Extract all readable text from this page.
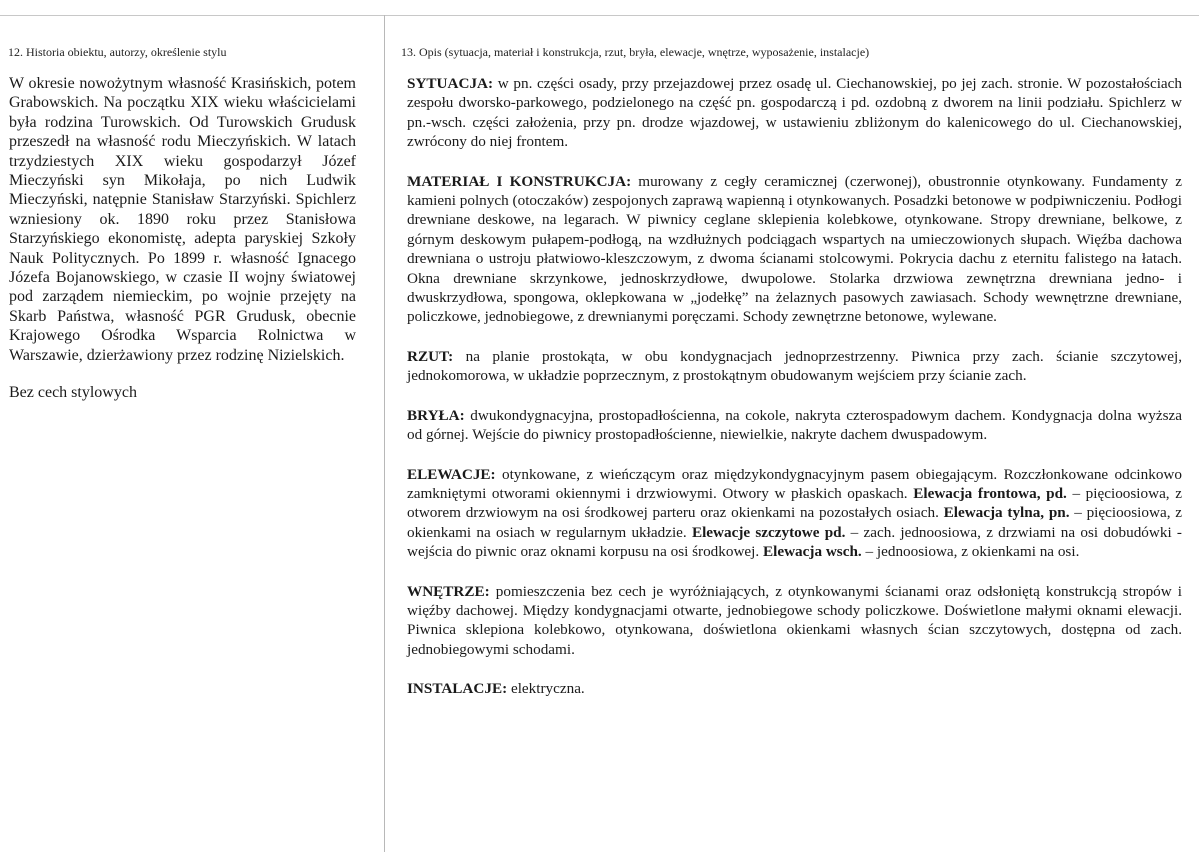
12. Historia obiektu, autorzy, określenie stylu

W okresie nowożytnym własność Krasińskich, potem Grabowskich. Na początku XIX wieku właścicielami była rodzina Turowskich. Od Turowskich Grudusk przeszedł na własność rodu Mieczyńskich. W latach trzydziestych XIX wieku gospodarzył Józef Mieczyński syn Mikołaja, po nich Ludwik Mieczyński, natępnie Stanisław Starzyński. Spichlerz wzniesiony ok. 1890 roku przez Stanisłowa Starzyńskiego ekonomistę, adepta paryskiej Szkoły Nauk Politycznych. Po 1899 r. własność Ignacego Józefa Bojanowskiego, w czasie II wojny światowej pod zarządem niemieckim, po wojnie przejęty na Skarb Państwa, własność PGR Grudusk, obecnie Krajowego Ośrodka Wsparcia Rolnictwa w Warszawie, dzierżawiony przez rodzinę Nizielskich.

Bez cech stylowych

13. Opis (sytuacja, materiał i konstrukcja, rzut, bryła, elewacje, wnętrze, wyposażenie, instalacje)

SYTUACJA: w pn. części osady, przy przejazdowej przez osadę ul. Ciechanowskiej, po jej zach. stronie. W pozostałościach zespołu dworsko-parkowego, podzielonego na część pn. gospodarczą i pd. ozdobną z dworem na linii podziału. Spichlerz w pn.-wsch. części założenia, przy pn. drodze wjazdowej, w ustawieniu zbliżonym do kalenicowego do ul. Ciechanowskiej, zwrócony do niej frontem.

MATERIAŁ I KONSTRUKCJA: murowany z cegły ceramicznej (czerwonej), obustronnie otynkowany. Fundamenty z kamieni polnych (otoczaków) zespojonych zaprawą wapienną i otynkowanych. Posadzki betonowe w podpiwniczeniu. Podłogi drewniane deskowe, na legarach. W piwnicy ceglane sklepienia kolebkowe, otynkowane. Stropy drewniane, belkowe, z górnym deskowym pułapem-podłogą, na wzdłużnych podciągach wspartych na umieczowionych słupach. Więźba dachowa drewniana o ustroju płatwiowo-kleszczowym, z dwoma ścianami stolcowymi. Pokrycia dachu z eternitu falistego na łatach. Okna drewniane skrzynkowe, jednoskrzydłowe, dwupolowe. Stolarka drzwiowa zewnętrzna drewniana jedno- i dwuskrzydłowa, spongowa, oklepkowana w „jodełkę” na żelaznych pasowych zawiasach. Schody wewnętrzne drewniane, policzkowe, jednobiegowe, z drewnianymi poręczami. Schody zewnętrzne betonowe, wylewane.

RZUT: na planie prostokąta, w obu kondygnacjach jednoprzestrzenny. Piwnica przy zach. ścianie szczytowej, jednokomorowa, w układzie poprzecznym, z prostokątnym obudowanym wejściem przy ścianie zach.

BRYŁA: dwukondygnacyjna, prostopadłościenna, na cokole, nakryta czterospadowym dachem. Kondygnacja dolna wyższa od górnej. Wejście do piwnicy prostopadłościenne, niewielkie, nakryte dachem dwuspadowym.

ELEWACJE: otynkowane, z wieńczącym oraz międzykondygnacyjnym pasem obiegającym. Rozczłonkowane odcinkowo zamkniętymi otworami okiennymi i drzwiowymi. Otwory w płaskich opaskach. Elewacja frontowa, pd. – pięcioosiowa, z otworem drzwiowym na osi środkowej parteru oraz okienkami na pozostałych osiach. Elewacja tylna, pn. – pięcioosiowa, z okienkami na osiach w regularnym układzie. Elewacje szczytowe pd. – zach. jednoosiowa, z drzwiami na osi dobudówki - wejścia do piwnic oraz oknami korpusu na osi środkowej. Elewacja wsch. – jednoosiowa, z okienkami na osi.

WNĘTRZE: pomieszczenia bez cech je wyróżniających, z otynkowanymi ścianami oraz odsłoniętą konstrukcją stropów i więźby dachowej. Między kondygnacjami otwarte, jednobiegowe schody policzkowe. Doświetlone małymi oknami elewacji. Piwnica sklepiona kolebkowo, otynkowana, doświetlona okienkami własnych ścian szczytowych, dostępna od zach. jednobiegowymi schodami.

INSTALACJE: elektryczna.
